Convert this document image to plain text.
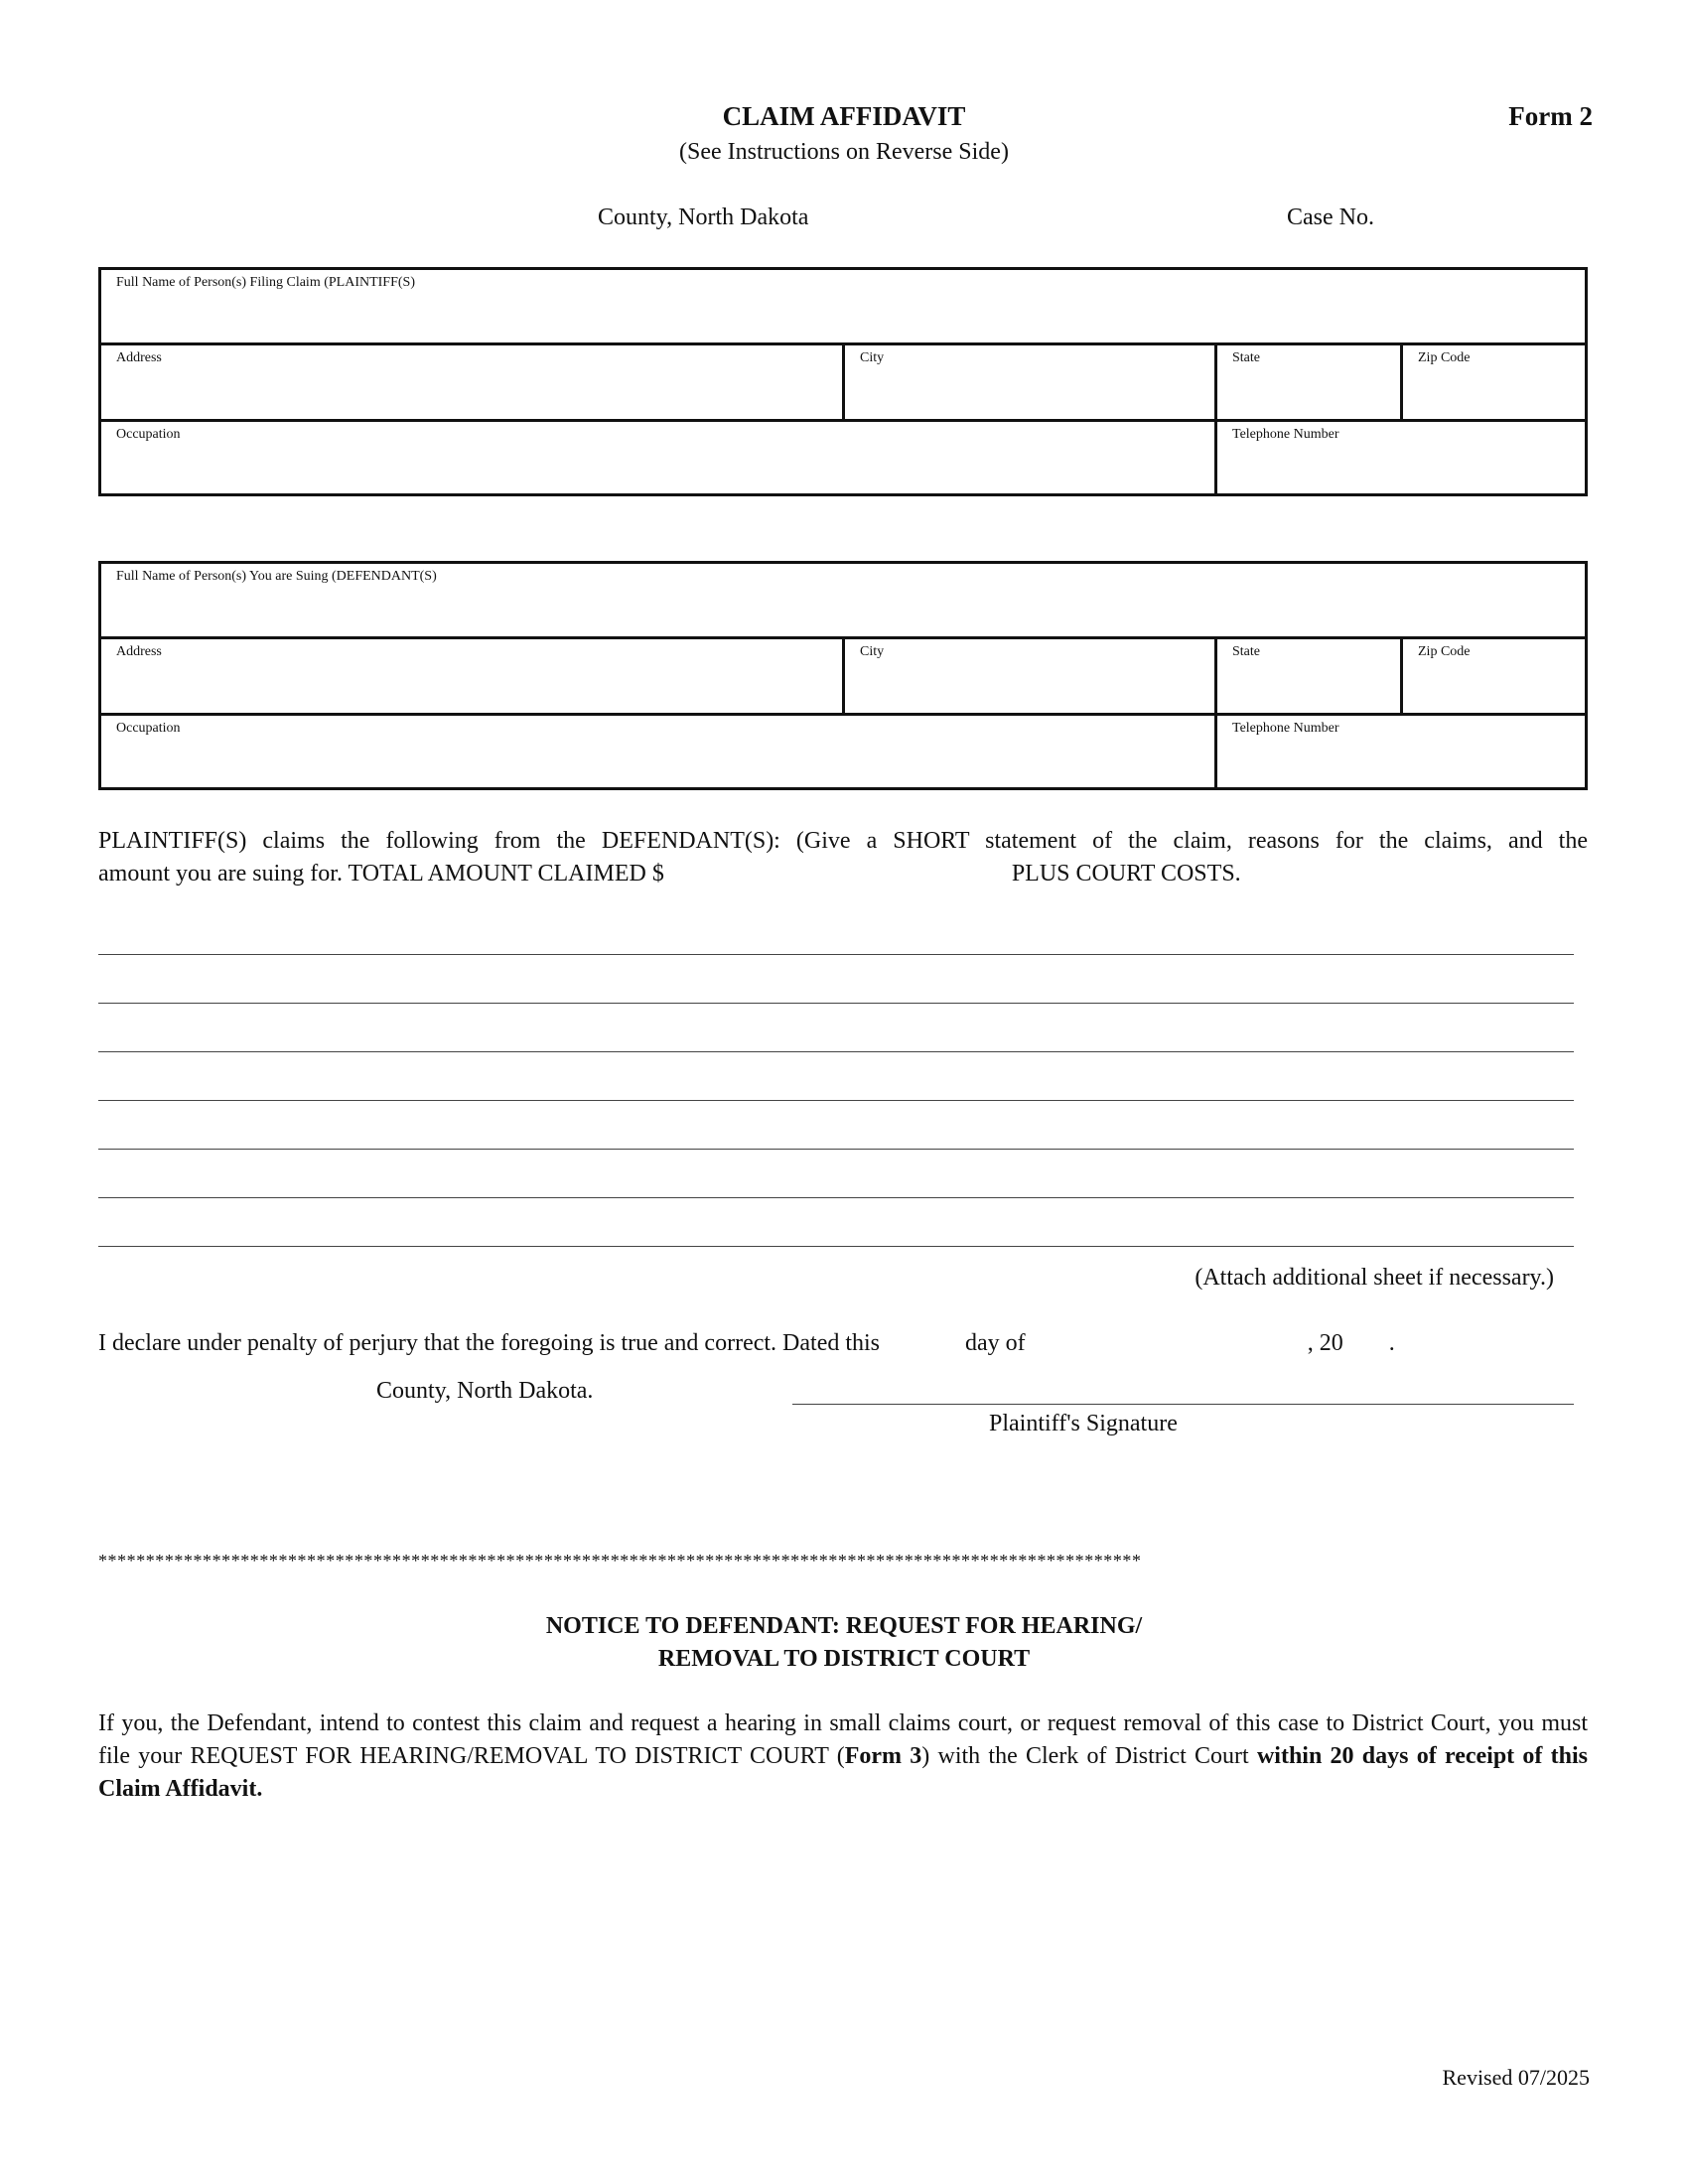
CLAIM AFFIDAVIT
(See Instructions on Reverse Side)
Form 2
County, North Dakota	Case No.
Full Name of Person(s) Filing Claim (PLAINTIFF(S)
Address	City	State	Zip Code
Occupation	Telephone Number
Full Name of Person(s) You are Suing (DEFENDANT(S)
Address	City	State	Zip Code
Occupation	Telephone Number
PLAINTIFF(S) claims the following from the DEFENDANT(S): (Give a SHORT statement of the claim, reasons for the claims, and the
amount you are suing for. TOTAL AMOUNT CLAIMED $	PLUS COURT COSTS.
(Attach additional sheet if necessary.)
I declare under penalty of perjury that the foregoing is true and correct. Dated this	day of	, 20 .
County, North Dakota.
Plaintiff's Signature
**************************************************************************************************************
NOTICE TO DEFENDANT: REQUEST FOR HEARING/
REMOVAL TO DISTRICT COURT
If you, the Defendant, intend to contest this claim and request a hearing in small claims court, or request removal of this case to District Court, you must file your REQUEST FOR HEARING/REMOVAL TO DISTRICT COURT (Form 3) with the Clerk of District Court within 20 days of receipt of this Claim Affidavit.
Revised 07/2025
